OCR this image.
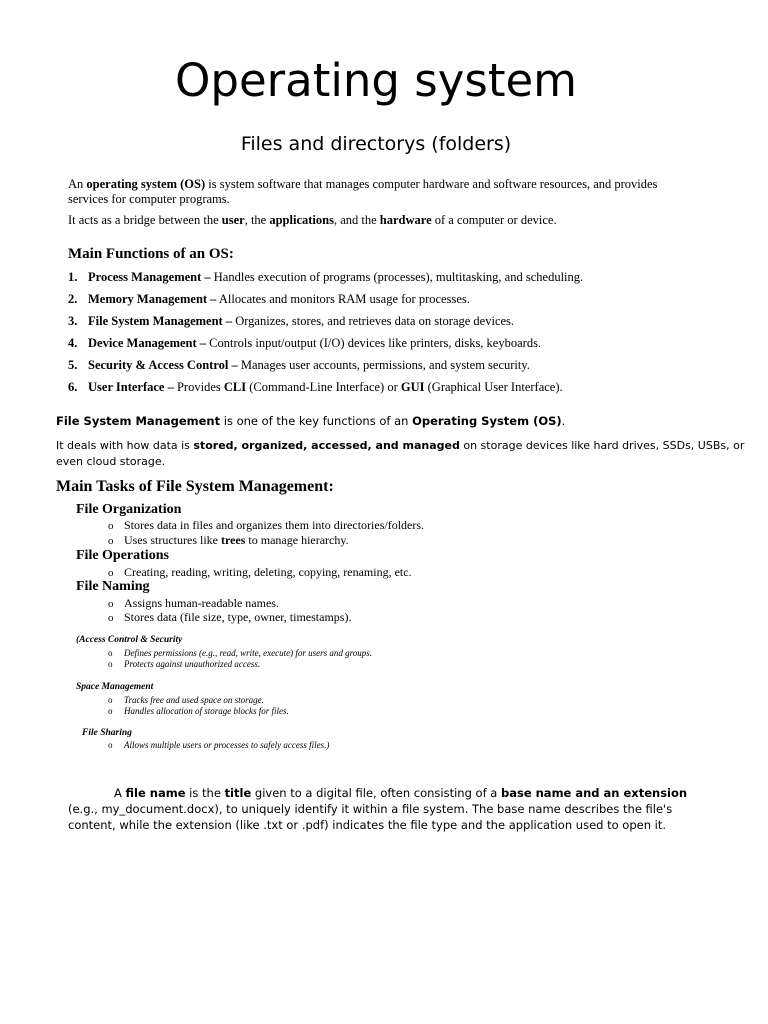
Operating system
Files and directorys (folders)
An operating system (OS) is system software that manages computer hardware and software resources, and provides
services for computer programs.
It acts as a bridge between the user, the applications, and the hardware of a computer or device.
Main Functions of an OS:
1. Process Management – Handles execution of programs (processes), multitasking, and scheduling.
2. Memory Management – Allocates and monitors RAM usage for processes.
3. File System Management – Organizes, stores, and retrieves data on storage devices.
4. Device Management – Controls input/output (I/O) devices like printers, disks, keyboards.
5. Security & Access Control – Manages user accounts, permissions, and system security.
6. User Interface – Provides CLI (Command-Line Interface) or GUI (Graphical User Interface).
File System Management is one of the key functions of an Operating System (OS).
It deals with how data is stored, organized, accessed, and managed on storage devices like hard drives, SSDs, USBs, or
even cloud storage.
Main Tasks of File System Management:
File Organization
o Stores data in files and organizes them into directories/folders.
o Uses structures like trees to manage hierarchy.
File Operations
o Creating, reading, writing, deleting, copying, renaming, etc.
File Naming
o Assigns human-readable names.
o Stores data (file size, type, owner, timestamps).
(Access Control & Security
o Defines permissions (e.g., read, write, execute) for users and groups.
o Protects against unauthorized access.
Space Management
o Tracks free and used space on storage.
o Handles allocation of storage blocks for files.
File Sharing
o Allows multiple users or processes to safely access files.)
A file name is the title given to a digital file, often consisting of a base name and an extension
(e.g., my_document.docx), to uniquely identify it within a file system. The base name describes the file's
content, while the extension (like .txt or .pdf) indicates the file type and the application used to open it.
